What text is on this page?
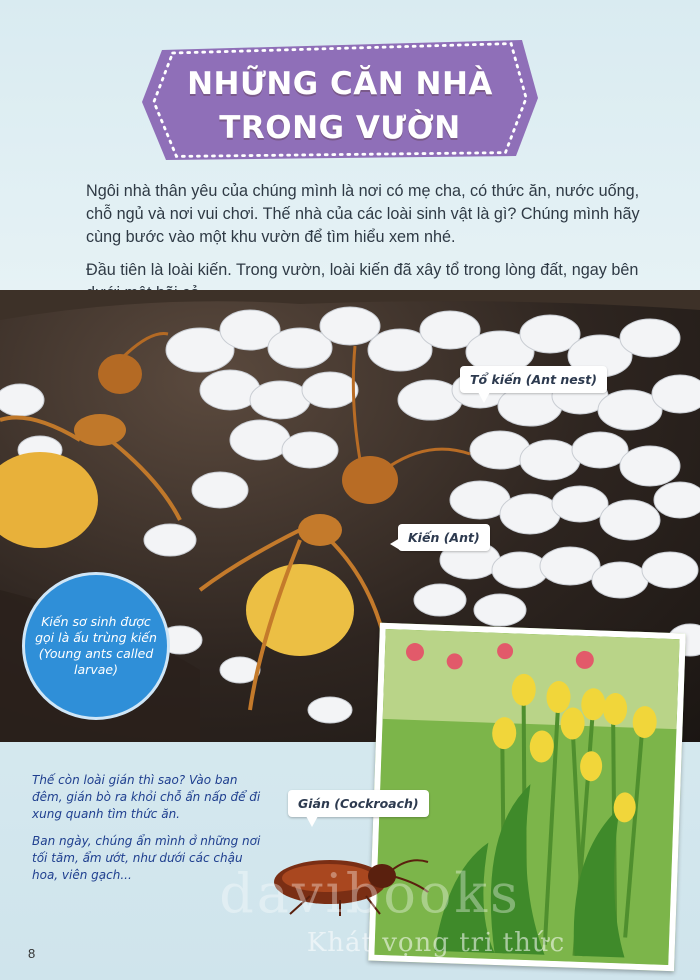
NHỮNG CĂN NHÀ
TRONG VƯỜN

Ngôi nhà thân yêu của chúng mình là nơi có mẹ cha, có thức ăn, nước uống, chỗ ngủ và nơi vui chơi. Thế nhà của các loài sinh vật là gì? Chúng mình hãy cùng bước vào một khu vườn để tìm hiểu xem nhé.

Đầu tiên là loài kiến. Trong vườn, loài kiến đã xây tổ trong lòng đất, ngay bên

Tổ kiến (Ant nest)
Kiến (Ant)
Kiến sơ sinh được gọi là ấu trùng kiến (Young ants called larvae)
Gián (Cockroach)

Thế còn loài gián thì sao? Vào ban đêm, gián bò ra khỏi chỗ ẩn nấp để đi xung quanh tìm thức ăn.

Ban ngày, chúng ẩn mình ở những nơi tối tăm, ẩm ướt, như dưới các chậu hoa, viên gạch...	davibooks
Khát vọng tri thức
8
